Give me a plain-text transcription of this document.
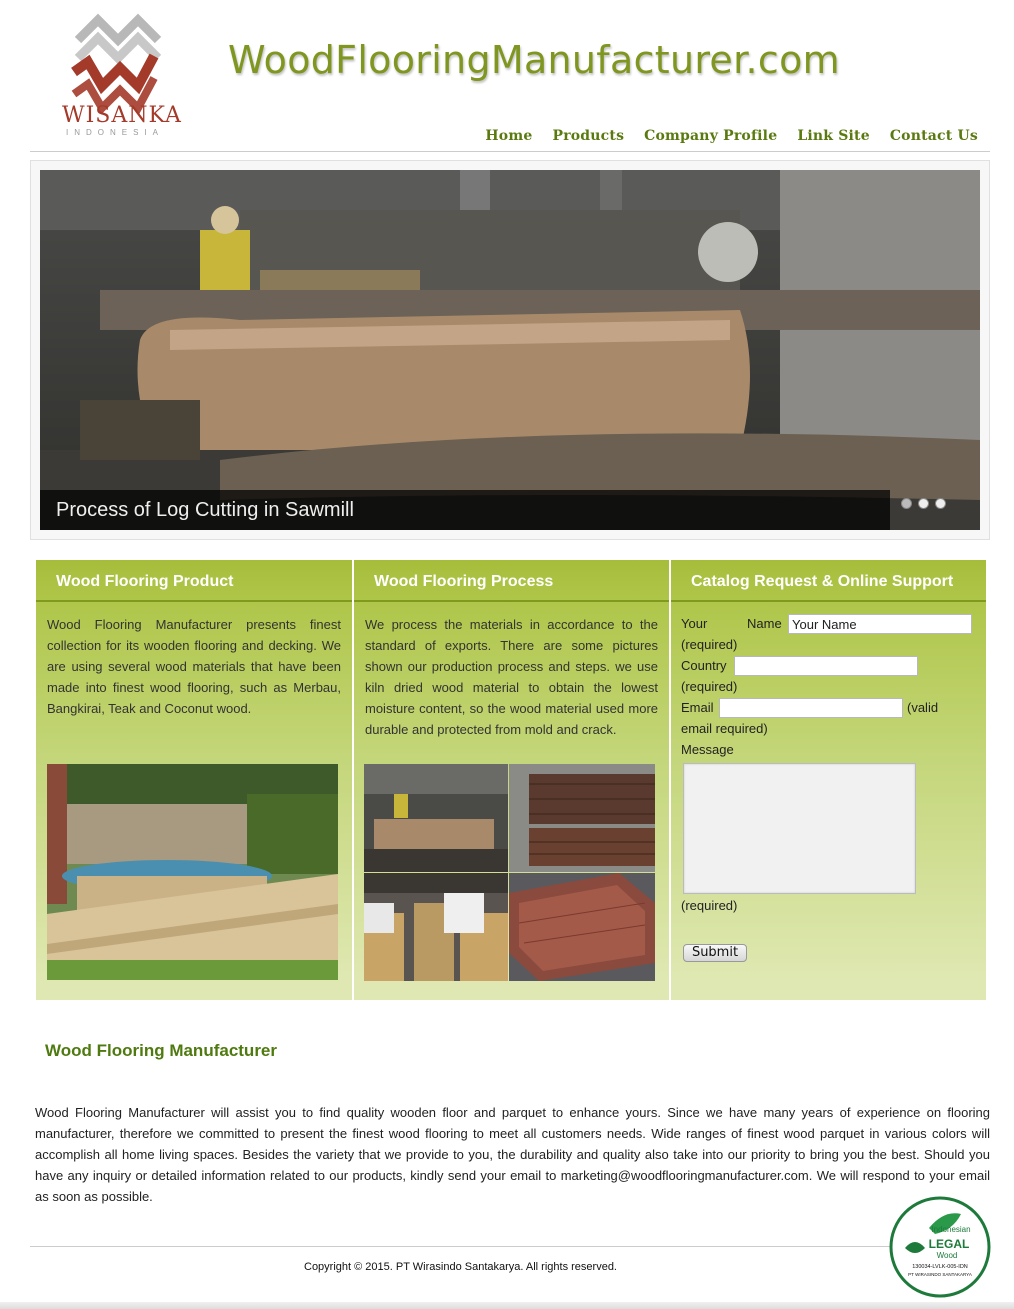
WISANKA
INDONESIA
WoodFlooringManufacturer.com
Home Products Company Profile Link Site Contact Us
Process of Log Cutting in Sawmill
Wood Flooring Product
Wood Flooring Manufacturer presents finest collection for its wooden flooring and decking. We are using several wood materials that have been made into finest wood flooring, such as Merbau, Bangkirai, Teak and Coconut wood.
Wood Flooring Process
We process the materials in accordance to the standard of exports. There are some pictures shown our production process and steps. we use kiln dried wood material to obtain the lowest moisture content, so the wood material used more durable and protected from mold and crack.
Catalog Request & Online Support
Your	Name
Your Name
(required)
Country
(required)
Email	(valid
email required)
Message
(required)
Submit
Wood Flooring Manufacturer
Wood Flooring Manufacturer will assist you to find quality wooden floor and parquet to enhance yours. Since we have many years of experience on flooring manufacturer, therefore we committed to present the finest wood flooring to meet all customers needs. Wide ranges of finest wood parquet in various colors will accomplish all home living spaces. Besides the variety that we provide to you, the durability and quality also take into our priority to bring you the best. Should you have any inquiry or detailed information related to our products, kindly send your email to marketing@woodflooringmanufacturer.com. We will respond to your email as soon as possible.
Copyright © 2015. PT Wirasindo Santakarya. All rights reserved.
Indonesian
LEGAL
Wood
130034-LVLK-005-IDN
PT WIRASINDO SANTAKARYA
